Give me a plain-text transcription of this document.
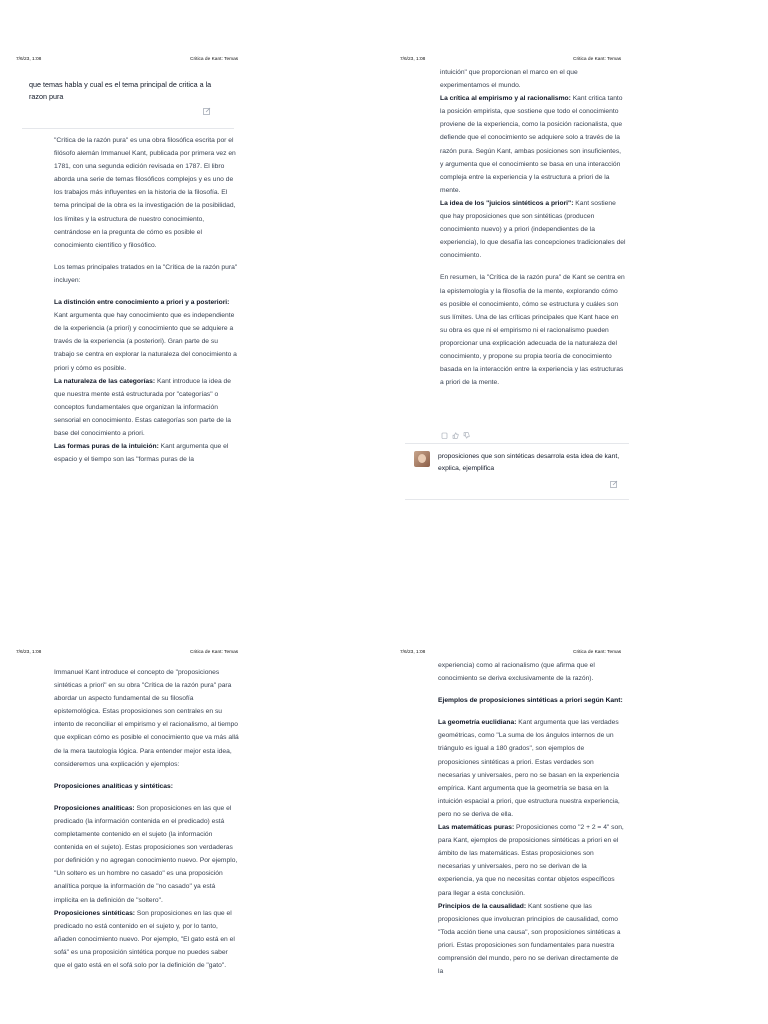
7/6/23, 1:08	Critica de Kant: Temas
que temas habla y cual es el tema principal de critica a la razon pura

"Crítica de la razón pura" es una obra filosófica escrita por el filósofo alemán Immanuel Kant, publicada por primera vez en 1781, con una segunda edición revisada en 1787. El libro aborda una serie de temas filosóficos complejos y es uno de los trabajos más influyentes en la historia de la filosofía. El tema principal de la obra es la investigación de la posibilidad, los límites y la estructura de nuestro conocimiento, centrándose en la pregunta de cómo es posible el conocimiento científico y filosófico.

Los temas principales tratados en la "Crítica de la razón pura" incluyen:

La distinción entre conocimiento a priori y a posteriori: Kant argumenta que hay conocimiento que es independiente de la experiencia (a priori) y conocimiento que se adquiere a través de la experiencia (a posteriori). Gran parte de su trabajo se centra en explorar la naturaleza del conocimiento a priori y cómo es posible.

La naturaleza de las categorías: Kant introduce la idea de que nuestra mente está estructurada por "categorías" o conceptos fundamentales que organizan la información sensorial en conocimiento. Estas categorías son parte de la base del conocimiento a priori.

Las formas puras de la intuición: Kant argumenta que el espacio y el tiempo son las "formas puras de la

7/6/23, 1:08	Critica de Kant: Temas

intuición" que proporcionan el marco en el que experimentamos el mundo.

La crítica al empirismo y al racionalismo: Kant critica tanto la posición empirista, que sostiene que todo el conocimiento proviene de la experiencia, como la posición racionalista, que defiende que el conocimiento se adquiere solo a través de la razón pura. Según Kant, ambas posiciones son insuficientes, y argumenta que el conocimiento se basa en una interacción compleja entre la experiencia y la estructura a priori de la mente.

La idea de los "juicios sintéticos a priori": Kant sostiene que hay proposiciones que son sintéticas (producen conocimiento nuevo) y a priori (independientes de la experiencia), lo que desafía las concepciones tradicionales del conocimiento.

En resumen, la "Crítica de la razón pura" de Kant se centra en la epistemología y la filosofía de la mente, explorando cómo es posible el conocimiento, cómo se estructura y cuáles son sus límites. Una de las críticas principales que Kant hace en su obra es que ni el empirismo ni el racionalismo pueden proporcionar una explicación adecuada de la naturaleza del conocimiento, y propone su propia teoría de conocimiento basada en la interacción entre la experiencia y las estructuras a priori de la mente.

proposiciones que son sintéticas desarrola esta idea de kant, explica, ejemplifica
7/6/23, 1:08	Critica de Kant: Temas

Immanuel Kant introduce el concepto de "proposiciones sintéticas a priori" en su obra "Crítica de la razón pura" para abordar un aspecto fundamental de su filosofía epistemológica. Estas proposiciones son centrales en su intento de reconciliar el empirismo y el racionalismo, al tiempo que explican cómo es posible el conocimiento que va más allá de la mera tautología lógica. Para entender mejor esta idea, consideremos una explicación y ejemplos:

Proposiciones analíticas y sintéticas:

Proposiciones analíticas: Son proposiciones en las que el predicado (la información contenida en el predicado) está completamente contenido en el sujeto (la información contenida en el sujeto). Estas proposiciones son verdaderas por definición y no agregan conocimiento nuevo. Por ejemplo, "Un soltero es un hombre no casado" es una proposición analítica porque la información de "no casado" ya está implícita en la definición de "soltero".

Proposiciones sintéticas: Son proposiciones en las que el predicado no está contenido en el sujeto y, por lo tanto, añaden conocimiento nuevo. Por ejemplo, "El gato está en el sofá" es una proposición sintética porque no puedes saber que el gato está en el sofá solo por la definición de "gato".

7/6/23, 1:08	Critica de Kant: Temas

experiencia) como al racionalismo (que afirma que el conocimiento se deriva exclusivamente de la razón).

Ejemplos de proposiciones sintéticas a priori según Kant:

La geometría euclidiana: Kant argumenta que las verdades geométricas, como "La suma de los ángulos internos de un triángulo es igual a 180 grados", son ejemplos de proposiciones sintéticas a priori. Estas verdades son necesarias y universales, pero no se basan en la experiencia empírica. Kant argumenta que la geometría se basa en la intuición espacial a priori, que estructura nuestra experiencia, pero no se deriva de ella.

Las matemáticas puras: Proposiciones como "2 + 2 = 4" son, para Kant, ejemplos de proposiciones sintéticas a priori en el ámbito de las matemáticas. Estas proposiciones son necesarias y universales, pero no se derivan de la experiencia, ya que no necesitas contar objetos específicos para llegar a esta conclusión.

Principios de la causalidad: Kant sostiene que las proposiciones que involucran principios de causalidad, como "Toda acción tiene una causa", son proposiciones sintéticas a priori. Estas proposiciones son fundamentales para nuestra comprensión del mundo, pero no se derivan directamente de la
